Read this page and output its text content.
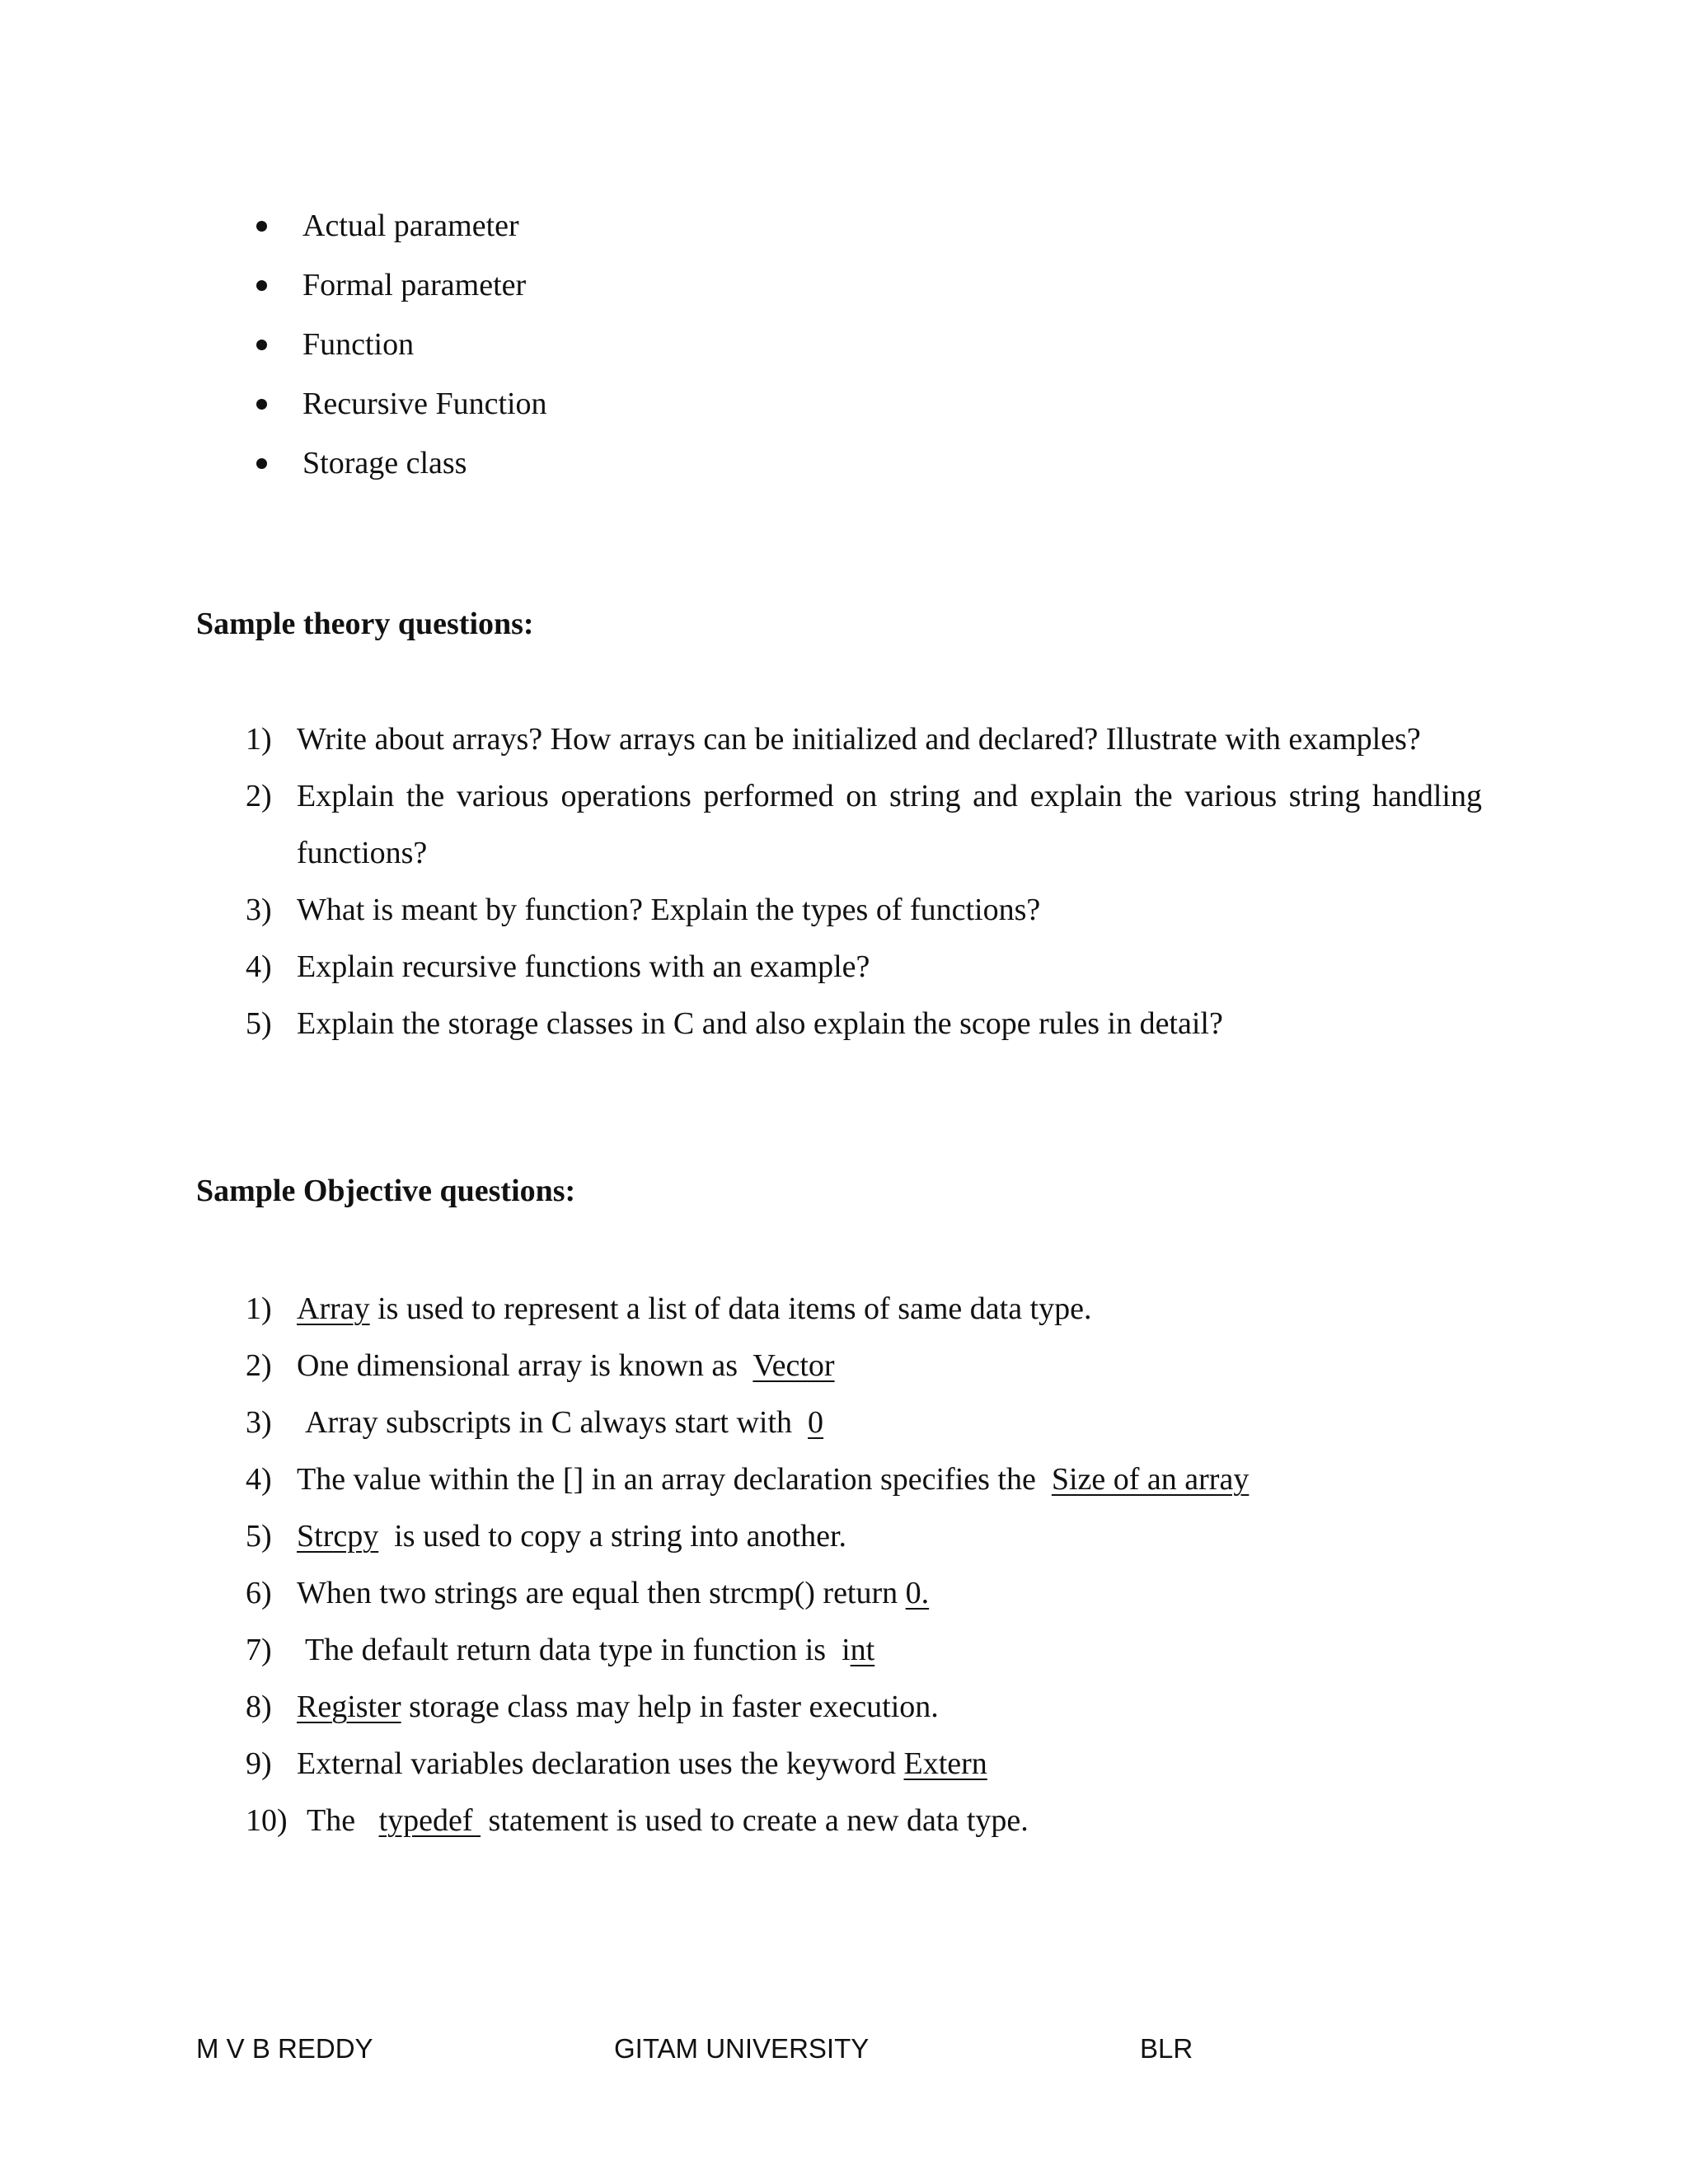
Actual parameter
Formal parameter
Function
Recursive Function
Storage class
Sample theory questions:
1) Write about arrays? How arrays can be initialized and declared? Illustrate with examples?
2) Explain the various operations performed on string and explain the various string handling functions?
3) What is meant by function? Explain the types of functions?
4) Explain recursive functions with an example?
5) Explain the storage classes in C and also explain the scope rules in detail?
Sample Objective questions:
1) Array is used to represent a list of data items of same data type.
2) One dimensional array is known as  Vector
3) Array subscripts in C always start with  0
4) The value within the [] in an array declaration specifies the  Size of an array
5) Strcpy  is used to copy a string into another.
6) When two strings are equal then strcmp() return 0.
7) The default return data type in function is  int
8) Register storage class may help in faster execution.
9) External variables declaration uses the keyword Extern
10) The   typedef  statement is used to create a new data type.
M V B REDDY	GITAM UNIVERSITY	BLR
